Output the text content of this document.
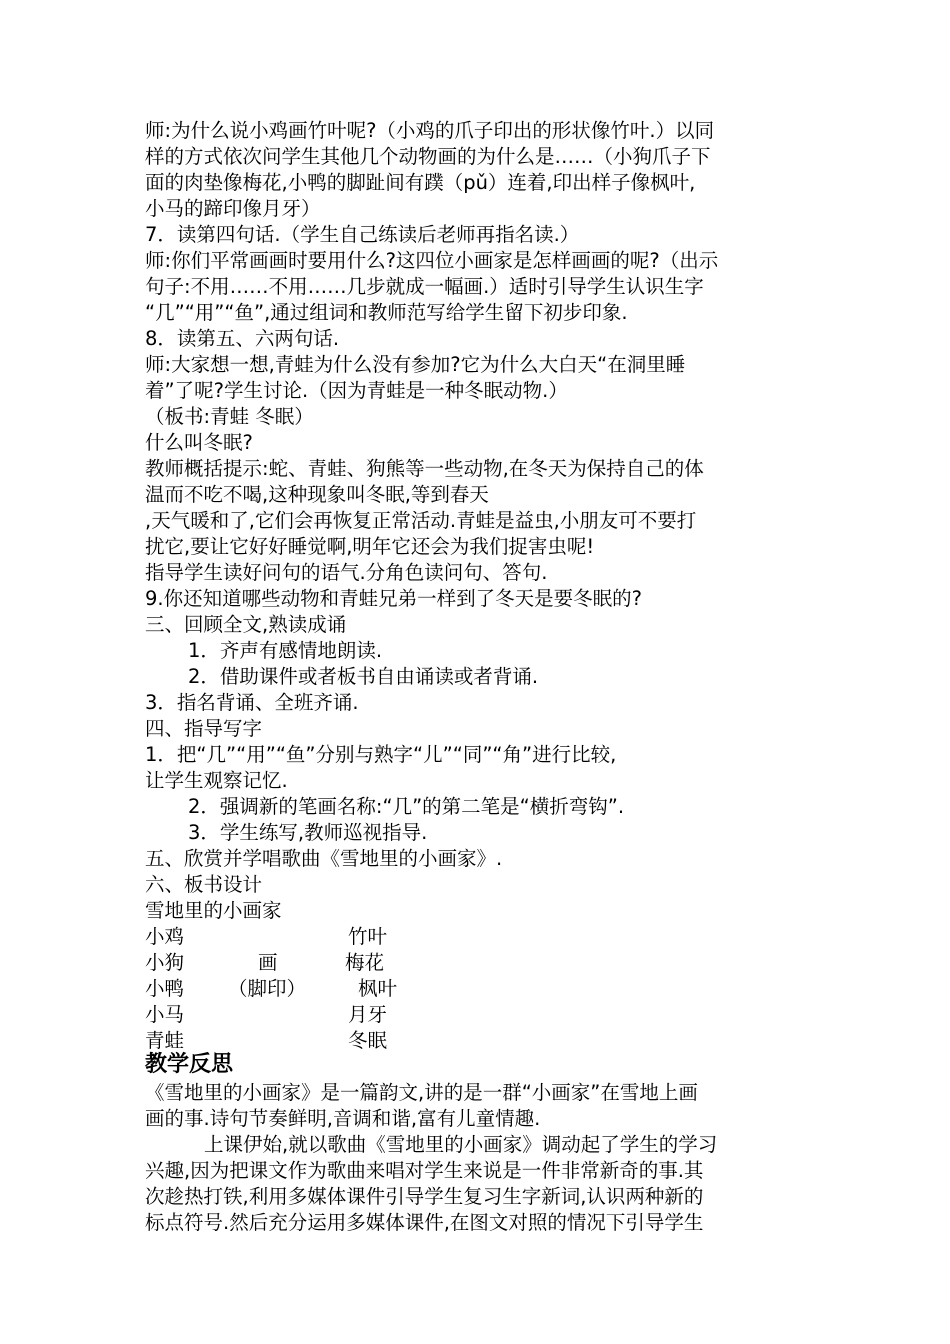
师:为什么说小鸡画竹叶呢?（小鸡的爪子印出的形状像竹叶.）以同
样的方式依次问学生其他几个动物画的为什么是……（小狗爪子下
面的肉垫像梅花,小鸭的脚趾间有蹼（pǔ）连着,印出样子像枫叶,
小马的蹄印像月牙）
7．读第四句话.（学生自己练读后老师再指名读.）
师:你们平常画画时要用什么?这四位小画家是怎样画画的呢?（出示
句子:不用……不用……几步就成一幅画.）适时引导学生认识生字
“几”“用”“鱼”,通过组词和教师范写给学生留下初步印象.
8．读第五、六两句话.
师:大家想一想,青蛙为什么没有参加?它为什么大白天“在洞里睡
着”了呢?学生讨论.（因为青蛙是一种冬眠动物.）
（板书:青蛙 冬眠）
什么叫冬眠?
教师概括提示:蛇、青蛙、狗熊等一些动物,在冬天为保持自己的体
温而不吃不喝,这种现象叫冬眠,等到春天
,天气暖和了,它们会再恢复正常活动.青蛙是益虫,小朋友可不要打
扰它,要让它好好睡觉啊,明年它还会为我们捉害虫呢!
指导学生读好问句的语气.分角色读问句、答句.
9.你还知道哪些动物和青蛙兄弟一样到了冬天是要冬眠的?
三、回顾全文,熟读成诵
1．齐声有感情地朗读.
2．借助课件或者板书自由诵读或者背诵.
3．指名背诵、全班齐诵.
四、指导写字
1．把“几”“用”“鱼”分别与熟字“儿”“同”“角”进行比较,
让学生观察记忆.
2．强调新的笔画名称:“几”的第二笔是“横折弯钩”.
3．学生练写,教师巡视指导.
五、欣赏并学唱歌曲《雪地里的小画家》.
六、板书设计
雪地里的小画家
小鸡
小狗
小鸭
小马
青蛙
画
（脚印）
竹叶
梅花
枫叶
月牙
冬眠
教学反思
《雪地里的小画家》是一篇韵文,讲的是一群“小画家”在雪地上画
画的事.诗句节奏鲜明,音调和谐,富有儿童情趣.
上课伊始,就以歌曲《雪地里的小画家》调动起了学生的学习
兴趣,因为把课文作为歌曲来唱对学生来说是一件非常新奇的事.其
次趁热打铁,利用多媒体课件引导学生复习生字新词,认识两种新的
标点符号.然后充分运用多媒体课件,在图文对照的情况下引导学生
